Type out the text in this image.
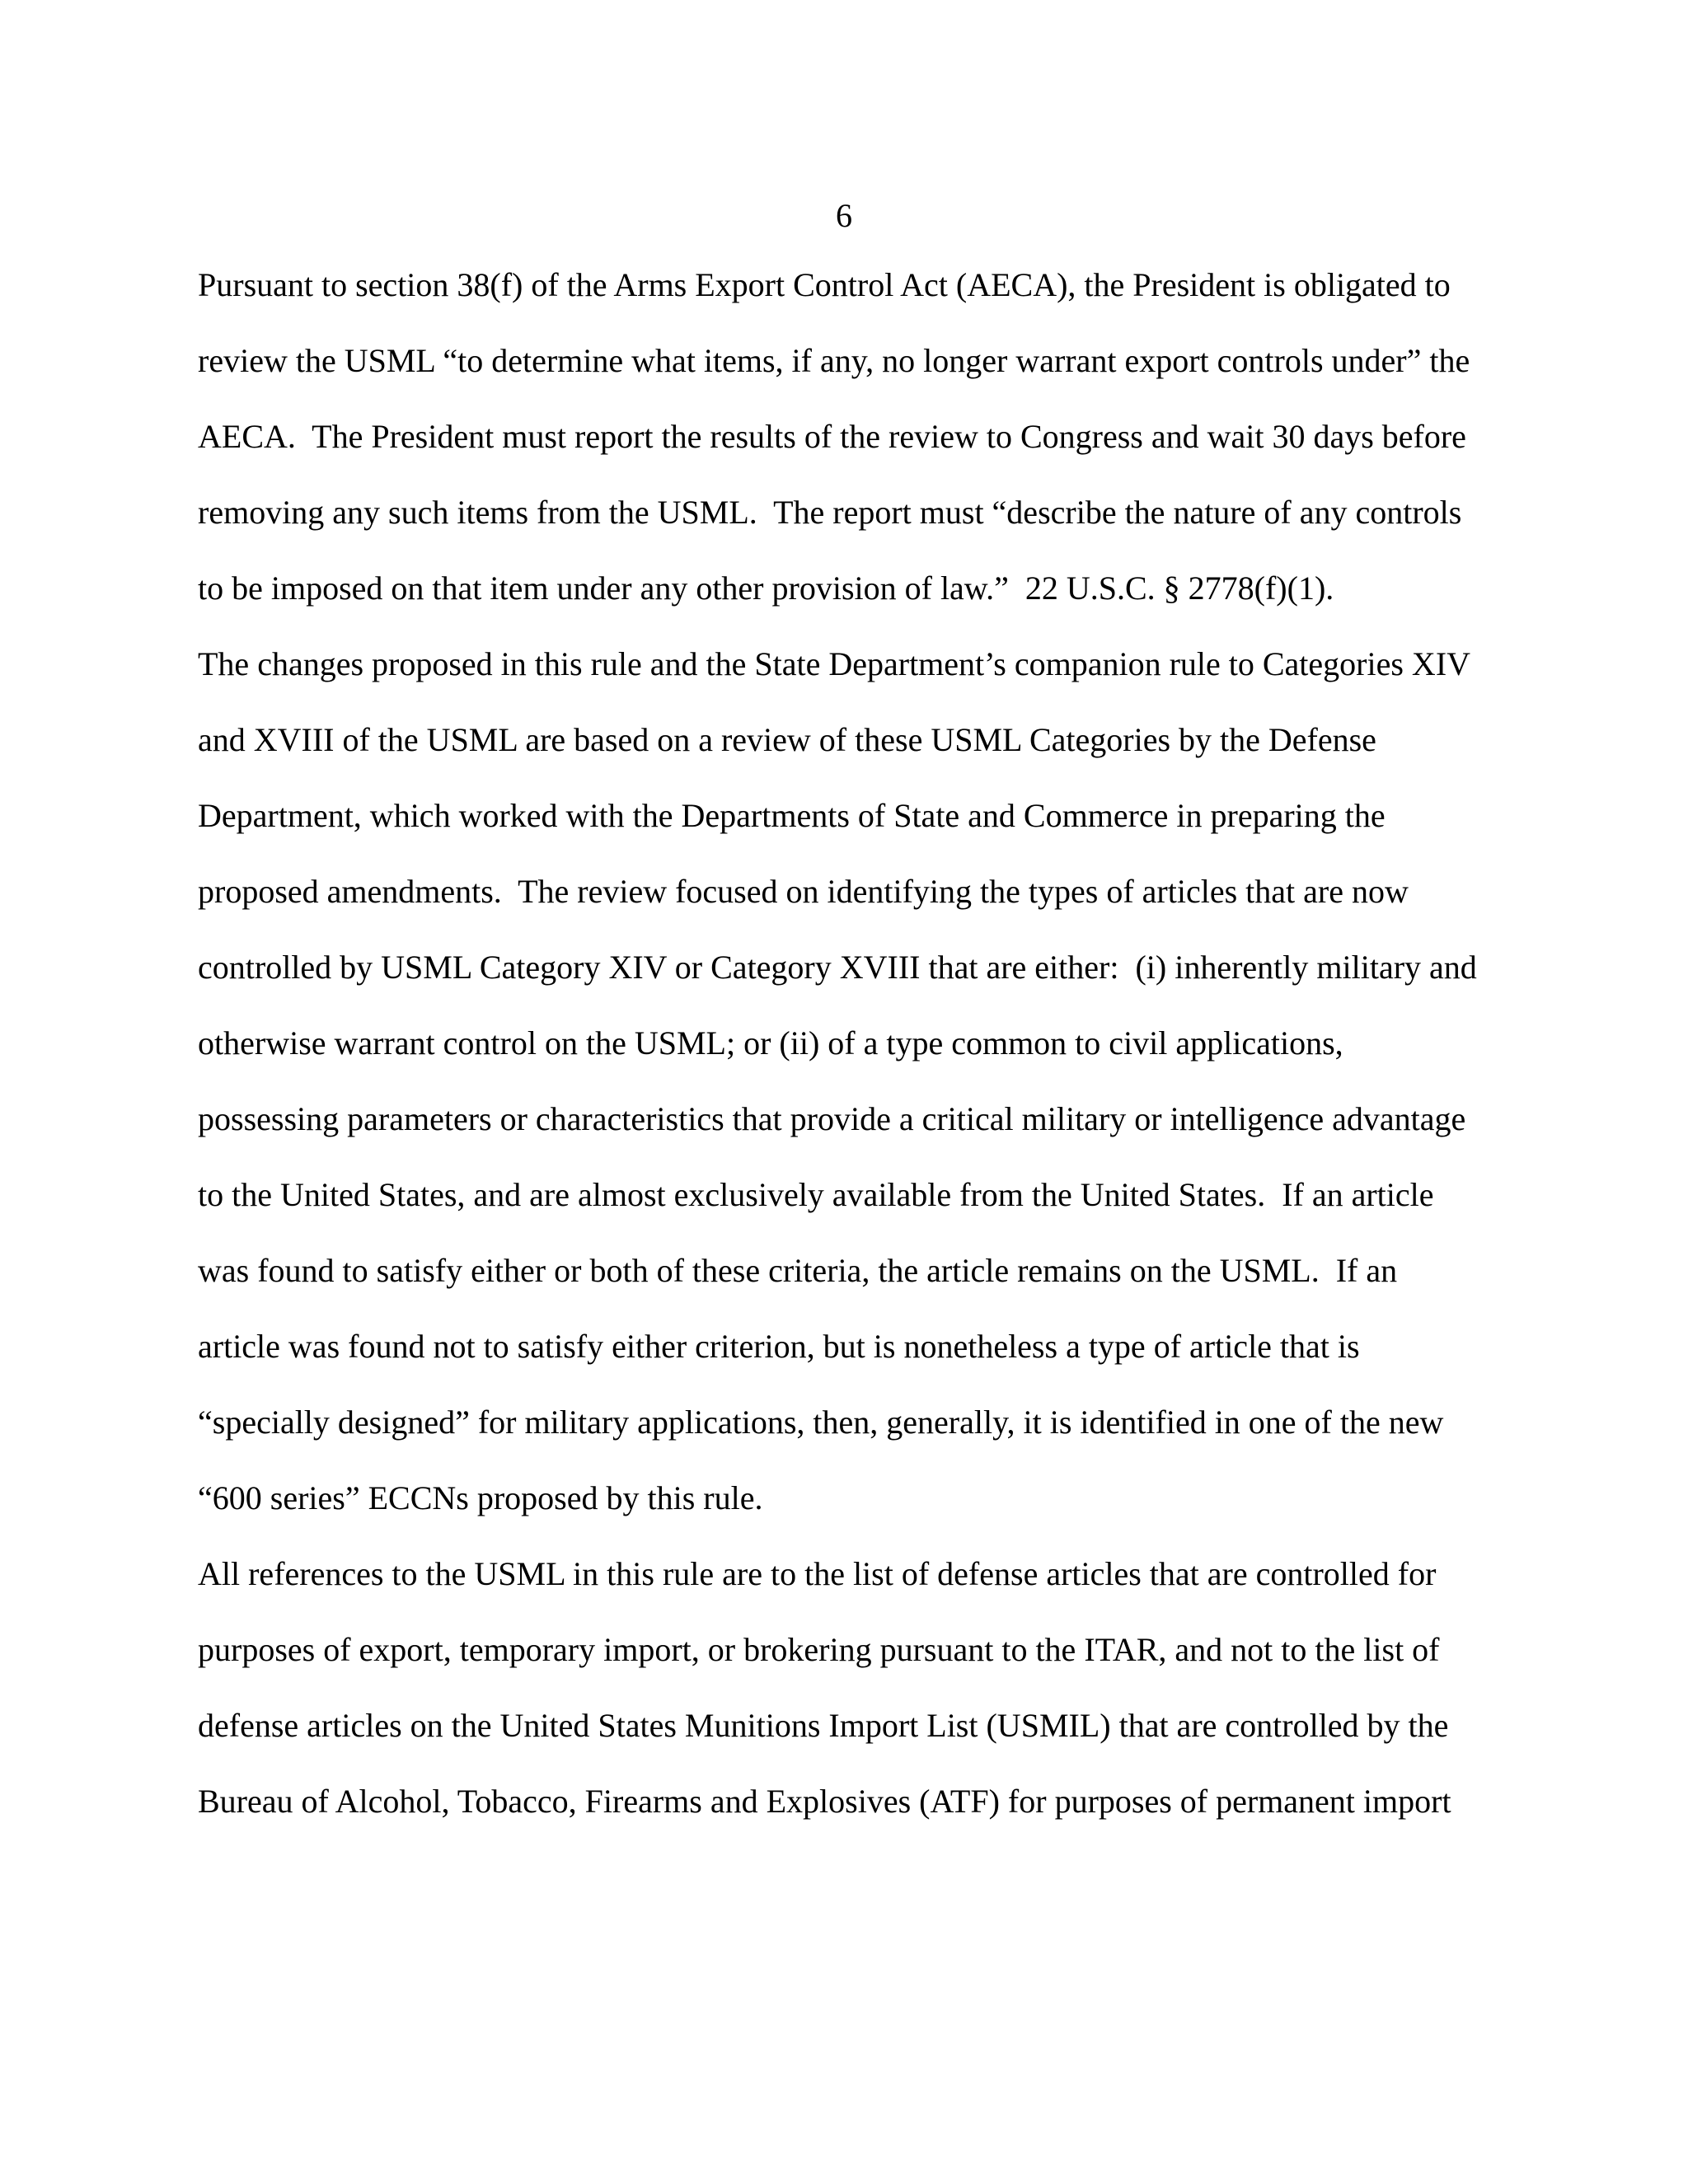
6
Pursuant to section 38(f) of the Arms Export Control Act (AECA), the President is obligated to
review the USML “to determine what items, if any, no longer warrant export controls under” the
AECA.  The President must report the results of the review to Congress and wait 30 days before
removing any such items from the USML.  The report must “describe the nature of any controls
to be imposed on that item under any other provision of law.”  22 U.S.C. § 2778(f)(1).
The changes proposed in this rule and the State Department’s companion rule to Categories XIV
and XVIII of the USML are based on a review of these USML Categories by the Defense
Department, which worked with the Departments of State and Commerce in preparing the
proposed amendments.  The review focused on identifying the types of articles that are now
controlled by USML Category XIV or Category XVIII that are either:  (i) inherently military and
otherwise warrant control on the USML; or (ii) of a type common to civil applications,
possessing parameters or characteristics that provide a critical military or intelligence advantage
to the United States, and are almost exclusively available from the United States.  If an article
was found to satisfy either or both of these criteria, the article remains on the USML.  If an
article was found not to satisfy either criterion, but is nonetheless a type of article that is
“specially designed” for military applications, then, generally, it is identified in one of the new
“600 series” ECCNs proposed by this rule.
All references to the USML in this rule are to the list of defense articles that are controlled for
purposes of export, temporary import, or brokering pursuant to the ITAR, and not to the list of
defense articles on the United States Munitions Import List (USMIL) that are controlled by the
Bureau of Alcohol, Tobacco, Firearms and Explosives (ATF) for purposes of permanent import
